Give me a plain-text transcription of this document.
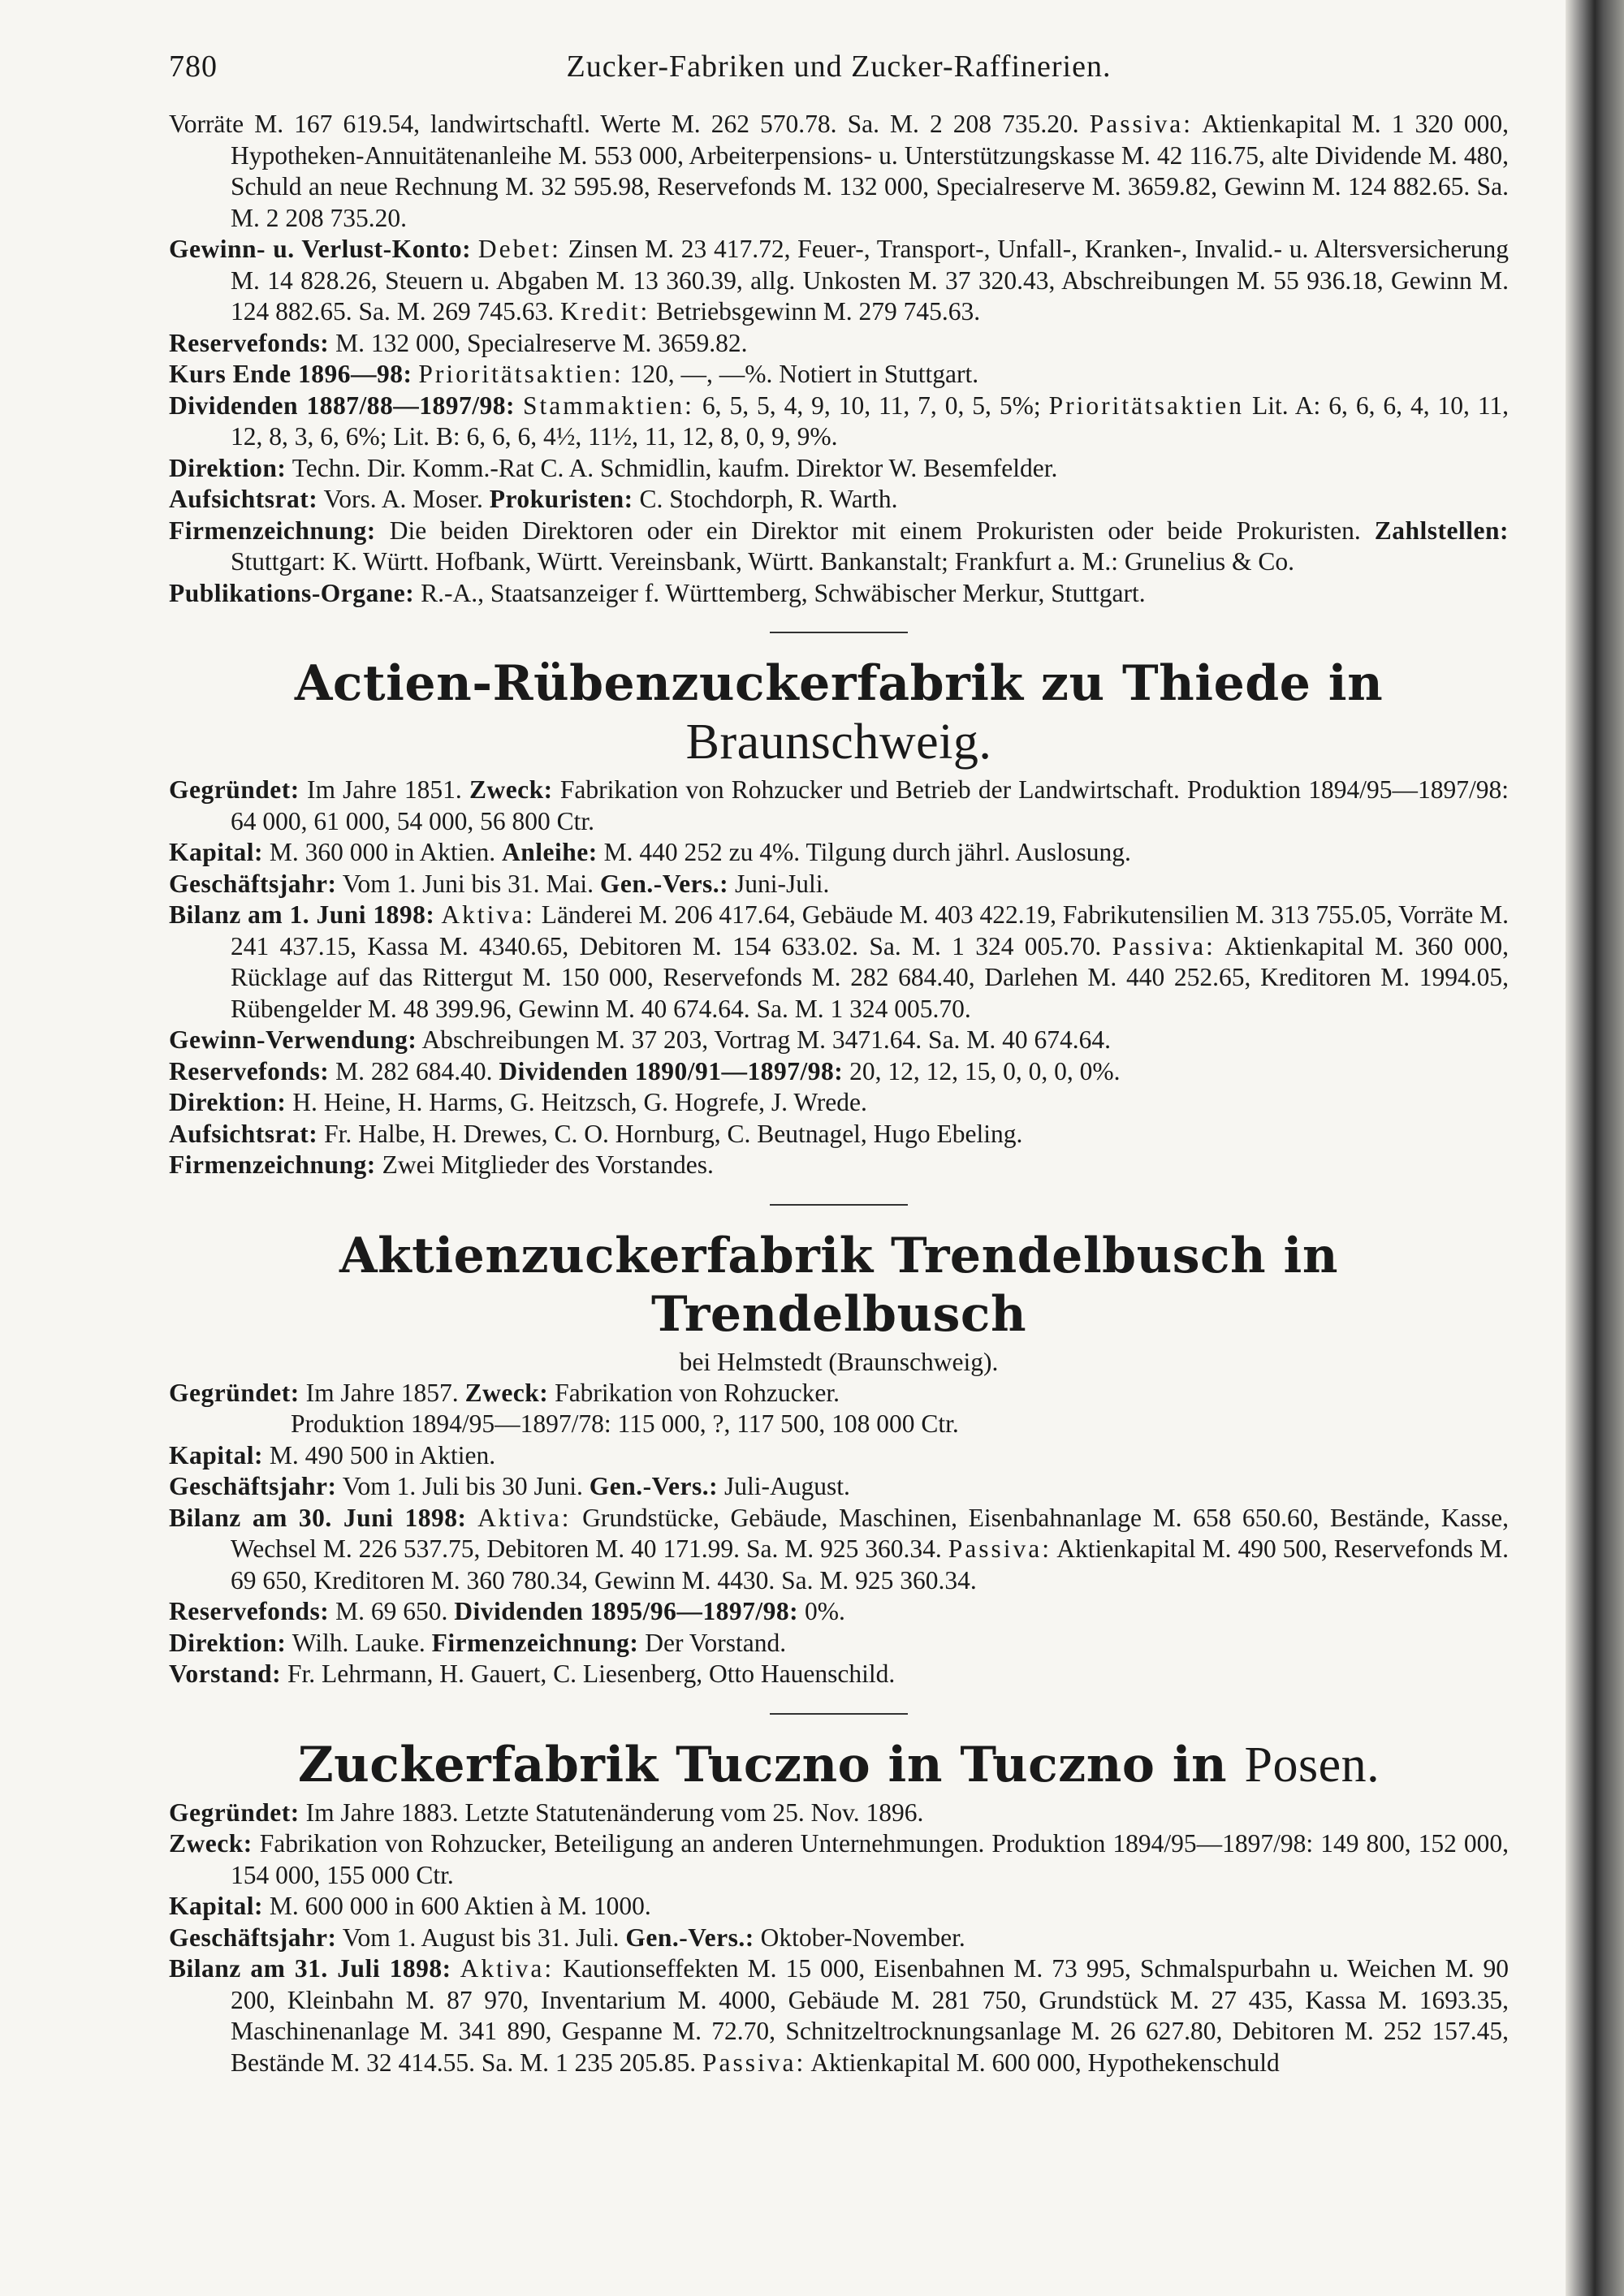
780	Zucker-Fabriken und Zucker-Raffinerien.

Vorräte M. 167 619.54, landwirtschaftl. Werte M. 262 570.78. Sa. M. 2 208 735.20. Passiva: Aktienkapital M. 1 320 000, Hypotheken-Annuitätenanleihe M. 553 000, Arbeiterpensions- u. Unterstützungskasse M. 42 116.75, alte Dividende M. 480, Schuld an neue Rechnung M. 32 595.98, Reservefonds M. 132 000, Specialreserve M. 3659.82, Gewinn M. 124 882.65. Sa. M. 2 208 735.20.

Gewinn- u. Verlust-Konto: Debet: Zinsen M. 23 417.72, Feuer-, Transport-, Unfall-, Kranken-, Invalid.- u. Altersversicherung M. 14 828.26, Steuern u. Abgaben M. 13 360.39, allg. Unkosten M. 37 320.43, Abschreibungen M. 55 936.18, Gewinn M. 124 882.65. Sa. M. 269 745.63. Kredit: Betriebsgewinn M. 279 745.63.

Reservefonds: M. 132 000, Specialreserve M. 3659.82.

Kurs Ende 1896—98: Prioritätsaktien: 120, —, —%. Notiert in Stuttgart.

Dividenden 1887/88—1897/98: Stammaktien: 6, 5, 5, 4, 9, 10, 11, 7, 0, 5, 5%; Prioritätsaktien Lit. A: 6, 6, 6, 4, 10, 11, 12, 8, 3, 6, 6%; Lit. B: 6, 6, 6, 4½, 11½, 11, 12, 8, 0, 9, 9%.

Direktion: Techn. Dir. Komm.-Rat C. A. Schmidlin, kaufm. Direktor W. Besemfelder.

Aufsichtsrat: Vors. A. Moser. Prokuristen: C. Stochdorph, R. Warth.

Firmenzeichnung: Die beiden Direktoren oder ein Direktor mit einem Prokuristen oder beide Prokuristen. Zahlstellen: Stuttgart: K. Württ. Hofbank, Württ. Vereinsbank, Württ. Bankanstalt; Frankfurt a. M.: Grunelius & Co.

Publikations-Organe: R.-A., Staatsanzeiger f. Württemberg, Schwäbischer Merkur, Stuttgart.

Actien-Rübenzuckerfabrik zu Thiede in Braunschweig.

Gegründet: Im Jahre 1851. Zweck: Fabrikation von Rohzucker und Betrieb der Landwirtschaft. Produktion 1894/95—1897/98: 64 000, 61 000, 54 000, 56 800 Ctr.

Kapital: M. 360 000 in Aktien. Anleihe: M. 440 252 zu 4%. Tilgung durch jährl. Auslosung.

Geschäftsjahr: Vom 1. Juni bis 31. Mai. Gen.-Vers.: Juni-Juli.

Bilanz am 1. Juni 1898: Aktiva: Länderei M. 206 417.64, Gebäude M. 403 422.19, Fabrikutensilien M. 313 755.05, Vorräte M. 241 437.15, Kassa M. 4340.65, Debitoren M. 154 633.02. Sa. M. 1 324 005.70. Passiva: Aktienkapital M. 360 000, Rücklage auf das Rittergut M. 150 000, Reservefonds M. 282 684.40, Darlehen M. 440 252.65, Kreditoren M. 1994.05, Rübengelder M. 48 399.96, Gewinn M. 40 674.64. Sa. M. 1 324 005.70.

Gewinn-Verwendung: Abschreibungen M. 37 203, Vortrag M. 3471.64. Sa. M. 40 674.64.

Reservefonds: M. 282 684.40. Dividenden 1890/91—1897/98: 20, 12, 12, 15, 0, 0, 0, 0%.

Direktion: H. Heine, H. Harms, G. Heitzsch, G. Hogrefe, J. Wrede.

Aufsichtsrat: Fr. Halbe, H. Drewes, C. O. Hornburg, C. Beutnagel, Hugo Ebeling.

Firmenzeichnung: Zwei Mitglieder des Vorstandes.

Aktienzuckerfabrik Trendelbusch in Trendelbusch

bei Helmstedt (Braunschweig).

Gegründet: Im Jahre 1857. Zweck: Fabrikation von Rohzucker.

Produktion 1894/95—1897/78: 115 000, ?, 117 500, 108 000 Ctr.

Kapital: M. 490 500 in Aktien.

Geschäftsjahr: Vom 1. Juli bis 30 Juni. Gen.-Vers.: Juli-August.

Bilanz am 30. Juni 1898: Aktiva: Grundstücke, Gebäude, Maschinen, Eisenbahnanlage M. 658 650.60, Bestände, Kasse, Wechsel M. 226 537.75, Debitoren M. 40 171.99. Sa. M. 925 360.34. Passiva: Aktienkapital M. 490 500, Reservefonds M. 69 650, Kreditoren M. 360 780.34, Gewinn M. 4430. Sa. M. 925 360.34.

Reservefonds: M. 69 650. Dividenden 1895/96—1897/98: 0%.

Direktion: Wilh. Lauke. Firmenzeichnung: Der Vorstand.

Vorstand: Fr. Lehrmann, H. Gauert, C. Liesenberg, Otto Hauenschild.

Zuckerfabrik Tuczno in Tuczno in Posen.

Gegründet: Im Jahre 1883. Letzte Statutenänderung vom 25. Nov. 1896.

Zweck: Fabrikation von Rohzucker, Beteiligung an anderen Unternehmungen. Produktion 1894/95—1897/98: 149 800, 152 000, 154 000, 155 000 Ctr.

Kapital: M. 600 000 in 600 Aktien à M. 1000.

Geschäftsjahr: Vom 1. August bis 31. Juli. Gen.-Vers.: Oktober-November.

Bilanz am 31. Juli 1898: Aktiva: Kautionseffekten M. 15 000, Eisenbahnen M. 73 995, Schmalspurbahn u. Weichen M. 90 200, Kleinbahn M. 87 970, Inventarium M. 4000, Gebäude M. 281 750, Grundstück M. 27 435, Kassa M. 1693.35, Maschinenanlage M. 341 890, Gespanne M. 72.70, Schnitzeltrocknungsanlage M. 26 627.80, Debitoren M. 252 157.45, Bestände M. 32 414.55. Sa. M. 1 235 205.85. Passiva: Aktienkapital M. 600 000, Hypothekenschuld
